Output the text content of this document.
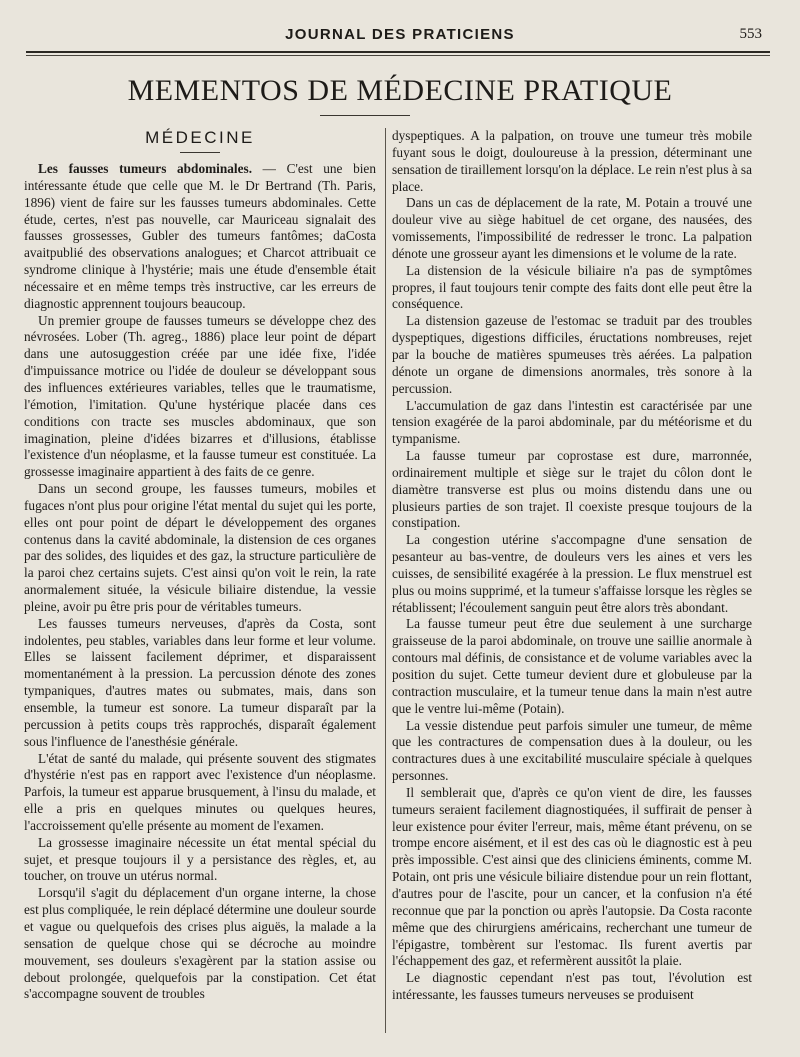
JOURNAL DES PRATICIENS	553
MEMENTOS DE MÉDECINE PRATIQUE
MÉDECINE

Les fausses tumeurs abdominales. — C'est une bien intéressante étude que celle que M. le Dr Bertrand (Th. Paris, 1896) vient de faire sur les fausses tumeurs abdominales. Cette étude, certes, n'est pas nouvelle, car Mauriceau signalait des fausses grossesses, Gubler des tumeurs fantômes; daCosta avaitpublié des observations analogues; et Charcot attribuait ce syndrome clinique à l'hystérie; mais une étude d'ensemble était nécessaire et en même temps très instructive, car les erreurs de diagnostic apprennent toujours beaucoup.

Un premier groupe de fausses tumeurs se développe chez des névrosées. Lober (Th. agreg., 1886) place leur point de départ dans une autosuggestion créée par une idée fixe, l'idée d'impuissance motrice ou l'idée de douleur se développant sous des influences extérieures variables, telles que le traumatisme, l'émotion, l'imitation. Qu'une hystérique placée dans ces conditions con tracte ses muscles abdominaux, que son imagination, pleine d'idées bizarres et d'illusions, établisse l'existence d'un néoplasme, et la fausse tumeur est constituée. La grossesse imaginaire appartient à des faits de ce genre.

Dans un second groupe, les fausses tumeurs, mobiles et fugaces n'ont plus pour origine l'état mental du sujet qui les porte, elles ont pour point de départ le développement des organes contenus dans la cavité abdominale, la distension de ces organes par des solides, des liquides et des gaz, la structure particulière de la paroi chez certains sujets. C'est ainsi qu'on voit le rein, la rate anormalement située, la vésicule biliaire distendue, la vessie pleine, avoir pu être pris pour de véritables tumeurs.

Les fausses tumeurs nerveuses, d'après da Costa, sont indolentes, peu stables, variables dans leur forme et leur volume. Elles se laissent facilement déprimer, et disparaissent momentanément à la pression. La percussion dénote des zones tympaniques, d'autres mates ou submates, mais, dans son ensemble, la tumeur est sonore. La tumeur disparaît par la percussion à petits coups très rapprochés, disparaît également sous l'influence de l'anesthésie générale.

L'état de santé du malade, qui présente souvent des stigmates d'hystérie n'est pas en rapport avec l'existence d'un néoplasme. Parfois, la tumeur est apparue brusquement, à l'insu du malade, et elle a pris en quelques minutes ou quelques heures, l'accroissement qu'elle présente au moment de l'examen.

La grossesse imaginaire nécessite un état mental spécial du sujet, et presque toujours il y a persistance des règles, et, au toucher, on trouve un utérus normal.

Lorsqu'il s'agit du déplacement d'un organe interne, la chose est plus compliquée, le rein déplacé détermine une douleur sourde et vague ou quelquefois des crises plus aiguës, la malade a la sensation de quelque chose qui se décroche au moindre mouvement, ses douleurs s'exagèrent par la station assise ou debout prolongée, quelquefois par la constipation. Cet état s'accompagne souvent de troubles

dyspeptiques. A la palpation, on trouve une tumeur très mobile fuyant sous le doigt, douloureuse à la pression, déterminant une sensation de tiraillement lorsqu'on la déplace. Le rein n'est plus à sa place.

Dans un cas de déplacement de la rate, M. Potain a trouvé une douleur vive au siège habituel de cet organe, des nausées, des vomissements, l'impossibilité de redresser le tronc. La palpation dénote une grosseur ayant les dimensions et le volume de la rate.

La distension de la vésicule biliaire n'a pas de symptômes propres, il faut toujours tenir compte des faits dont elle peut être la conséquence.

La distension gazeuse de l'estomac se traduit par des troubles dyspeptiques, digestions difficiles, éructations nombreuses, rejet par la bouche de matières spumeuses très aérées. La palpation dénote un organe de dimensions anormales, très sonore à la percussion.

L'accumulation de gaz dans l'intestin est caractérisée par une tension exagérée de la paroi abdominale, par du météorisme et du tympanisme.

La fausse tumeur par coprostase est dure, marronnée, ordinairement multiple et siège sur le trajet du côlon dont le diamètre transverse est plus ou moins distendu dans une ou plusieurs parties de son trajet. Il coexiste presque toujours de la constipation.

La congestion utérine s'accompagne d'une sensation de pesanteur au bas-ventre, de douleurs vers les aines et vers les cuisses, de sensibilité exagérée à la pression. Le flux menstruel est plus ou moins supprimé, et la tumeur s'affaisse lorsque les règles se rétablissent; l'écoulement sanguin peut être alors très abondant.

La fausse tumeur peut être due seulement à une surcharge graisseuse de la paroi abdominale, on trouve une saillie anormale à contours mal définis, de consistance et de volume variables avec la position du sujet. Cette tumeur devient dure et globuleuse par la contraction musculaire, et la tumeur tenue dans la main n'est autre que le ventre lui-même (Potain).

La vessie distendue peut parfois simuler une tumeur, de même que les contractures de compensation dues à la douleur, ou les contractures dues à une excitabilité musculaire spéciale à quelques personnes.

Il semblerait que, d'après ce qu'on vient de dire, les fausses tumeurs seraient facilement diagnostiquées, il suffirait de penser à leur existence pour éviter l'erreur, mais, même étant prévenu, on se trompe encore aisément, et il est des cas où le diagnostic est à peu près impossible. C'est ainsi que des cliniciens éminents, comme M. Potain, ont pris une vésicule biliaire distendue pour un rein flottant, d'autres pour de l'ascite, pour un cancer, et la confusion n'a été reconnue que par la ponction ou après l'autopsie. Da Costa raconte même que des chirurgiens américains, recherchant une tumeur de l'épigastre, tombèrent sur l'estomac. Ils furent avertis par l'échappement des gaz, et refermèrent aussitôt la plaie.

Le diagnostic cependant n'est pas tout, l'évolution est intéressante, les fausses tumeurs nerveuses se produisent
